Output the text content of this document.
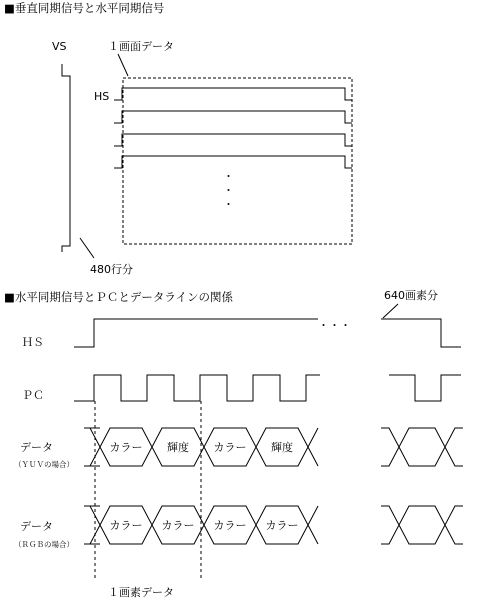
■垂直同期信号と水平同期信号
VS	１画面データ
HS
・
・
・
480行分
■水平同期信号とＰＣとデータラインの関係	640画素分
ＨＳ
・・・
ＰＣ
データ
（ＹＵＶの場合）
カラー 輝度 カラー 輝度
データ
（ＲＧＢの場合）
カラー カラー カラー カラー
１画素データ
